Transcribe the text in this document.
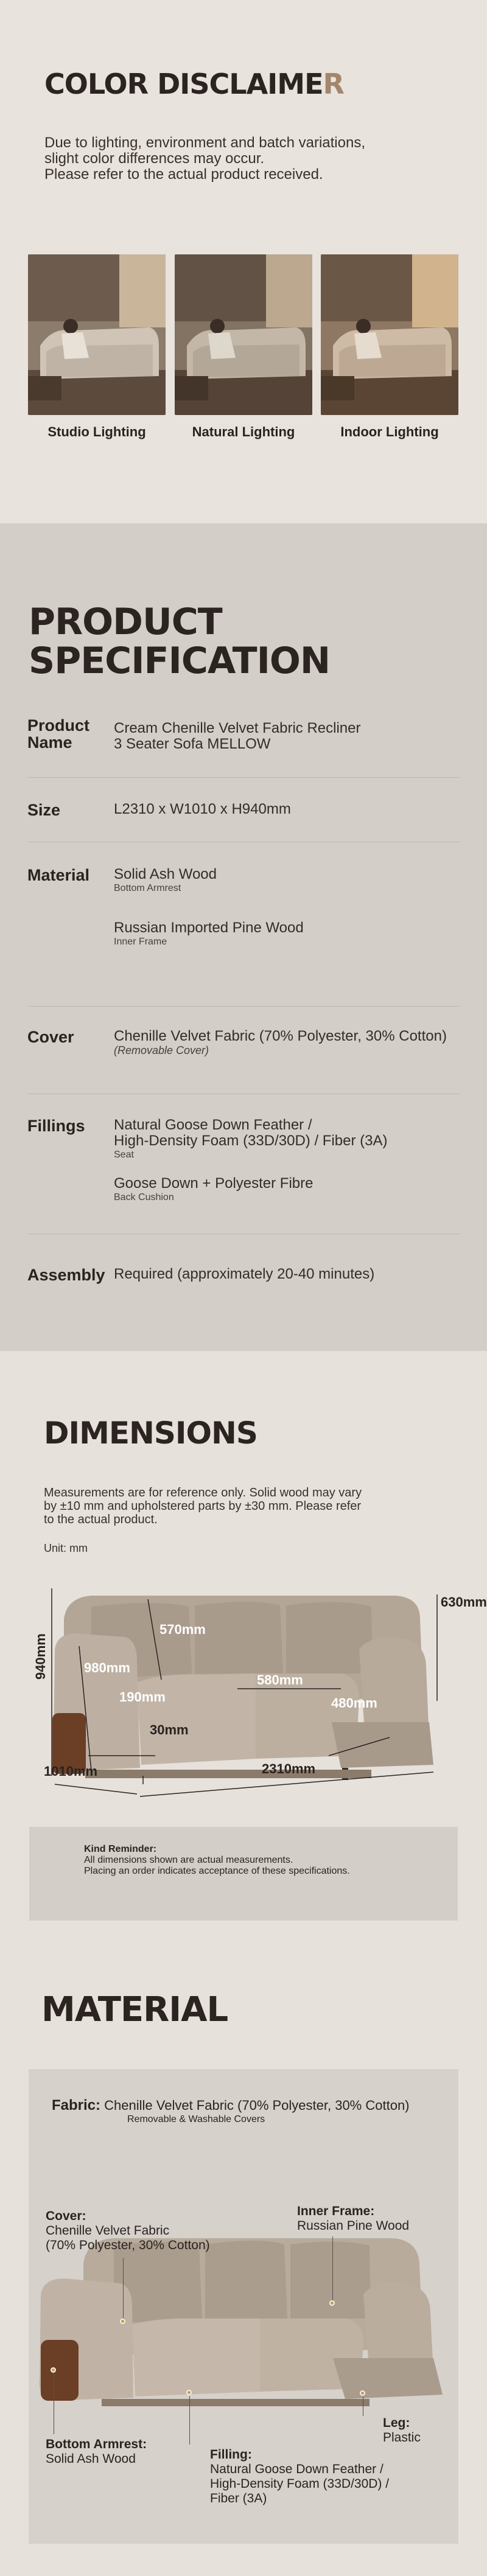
COLOR DISCLAIMER
Due to lighting, environment and batch variations,
slight color differences may occur.
Please refer to the actual product received.
Studio Lighting	Natural Lighting	Indoor Lighting
PRODUCT
SPECIFICATION
Product Name
Cream Chenille Velvet Fabric Recliner
3 Seater Sofa MELLOW
Size	L2310 x W1010 x H940mm
Material	Solid Ash Wood
Bottom Armrest
Russian Imported Pine Wood
Inner Frame
Cover	Chenille Velvet Fabric (70% Polyester, 30% Cotton)
(Removable Cover)
Fillings	Natural Goose Down Feather /
High-Density Foam (33D/30D) / Fiber (3A)
Seat
Goose Down + Polyester Fibre
Back Cushion
Assembly Required (approximately 20-40 minutes)
DIMENSIONS
Measurements are for reference only. Solid wood may vary
by ±10 mm and upholstered parts by ±30 mm. Please refer
to the actual product.
Unit: mm
940mm
630mm
570mm
980mm
190mm
580mm
480mm
30mm
1010mm	2310mm
Kind Reminder:
All dimensions shown are actual measurements.
Placing an order indicates acceptance of these specifications.
MATERIAL
Fabric: Chenille Velvet Fabric (70% Polyester, 30% Cotton)
Removable & Washable Covers
Cover:
Chenille Velvet Fabric
(70% Polyester, 30% Cotton)
Inner Frame:
Russian Pine Wood
Leg:
Plastic
Bottom Armrest:
Solid Ash Wood	Filling:
Natural Goose Down Feather /
High-Density Foam (33D/30D) /
Fiber (3A)
